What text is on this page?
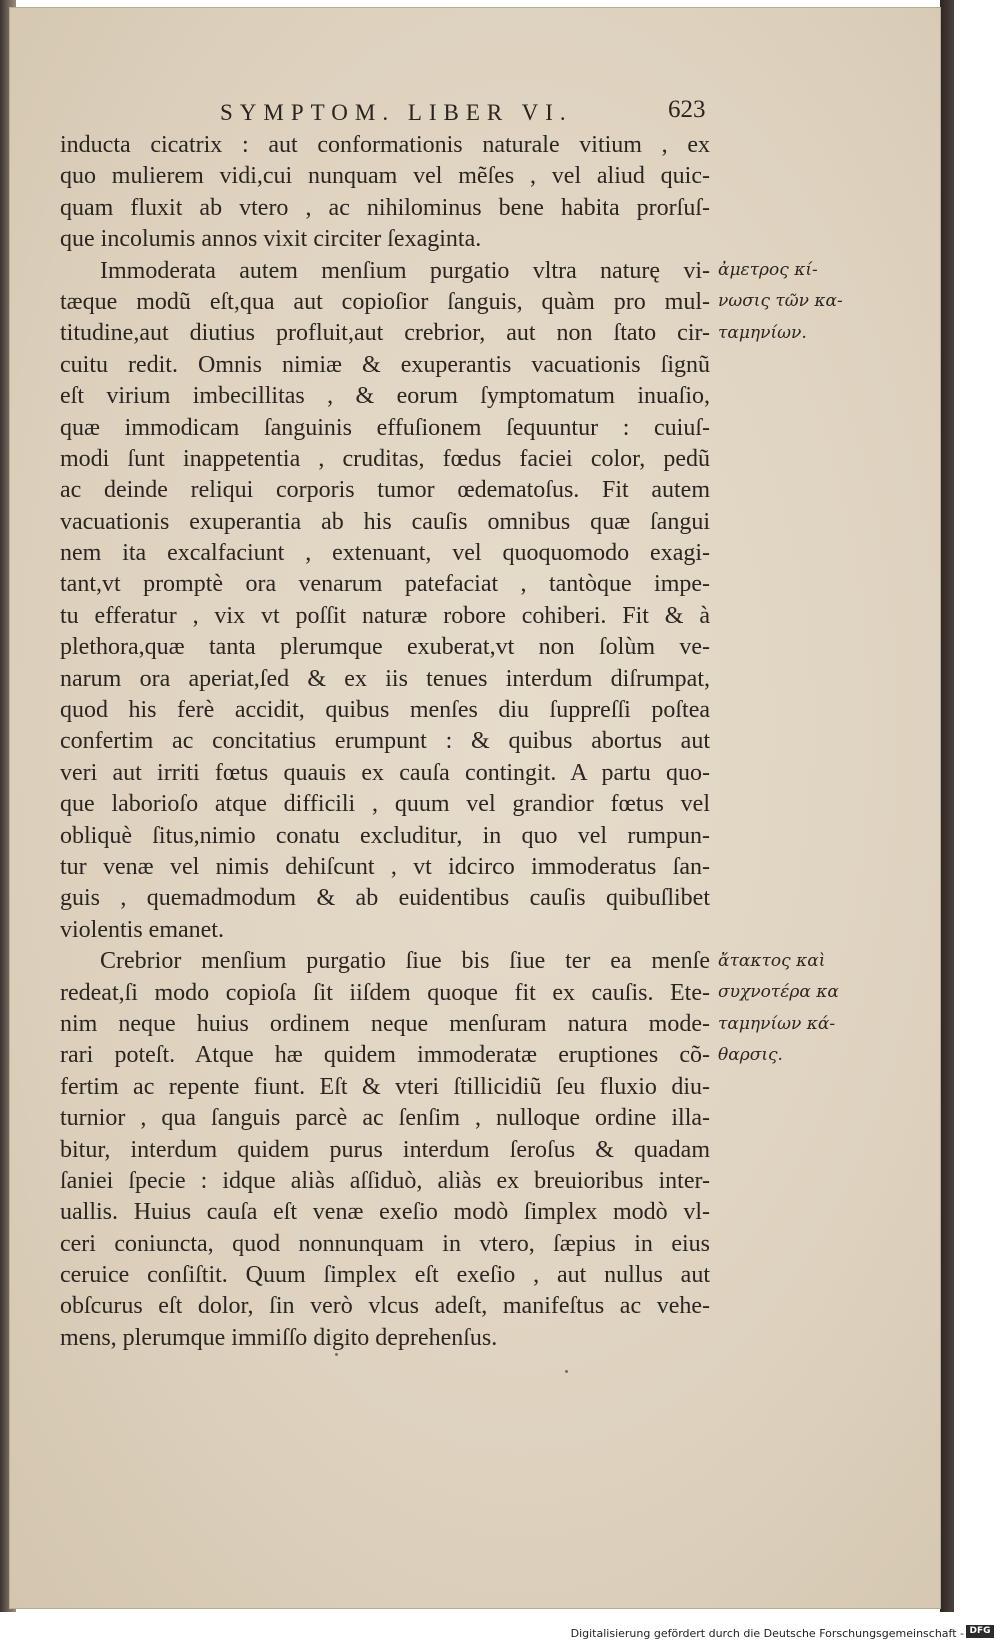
SYMPTOM. LIBER VI.	623
inducta cicatrix : aut conformationis naturale vitium , ex
quo mulierem vidi,cui nunquam vel mẽſes , vel aliud quic-
quam fluxit ab vtero , ac nihilominus bene habita prorſuſ-
que incolumis annos vixit circiter ſexaginta.
Immoderata autem menſium purgatio vltra naturę vi-
tæque modũ eſt,qua aut copioſior ſanguis, quàm pro mul-
titudine,aut diutius profluit,aut crebrior, aut non ſtato cir-
cuitu redit. Omnis nimiæ & exuperantis vacuationis ſignũ
eſt virium imbecillitas , & eorum ſymptomatum inuaſio,
quæ immodicam ſanguinis effuſionem ſequuntur : cuiuſ-
modi ſunt inappetentia , cruditas, fœdus faciei color, pedũ
ac deinde reliqui corporis tumor œdematoſus. Fit autem
vacuationis exuperantia ab his cauſis omnibus quæ ſangui
nem ita excalfaciunt , extenuant, vel quoquomodo exagi-
tant,vt promptè ora venarum patefaciat , tantòque impe-
tu efferatur , vix vt poſſit naturæ robore cohiberi. Fit & à
plethora,quæ tanta plerumque exuberat,vt non ſolùm ve-
narum ora aperiat,ſed & ex iis tenues interdum diſrumpat,
quod his ferè accidit, quibus menſes diu ſuppreſſi poſtea
confertim ac concitatius erumpunt : & quibus abortus aut
veri aut irriti fœtus quauis ex cauſa contingit. A partu quo-
que laborioſo atque difficili , quum vel grandior fœtus vel
obliquè ſitus,nimio conatu excluditur, in quo vel rumpun-
tur venæ vel nimis dehiſcunt , vt idcirco immoderatus ſan-
guis , quemadmodum & ab euidentibus cauſis quibuſlibet
violentis emanet.
Crebrior menſium purgatio ſiue bis ſiue ter ea menſe
redeat,ſi modo copioſa ſit iiſdem quoque fit ex cauſis. Ete-
nim neque huius ordinem neque menſuram natura mode-
rari poteſt. Atque hæ quidem immoderatæ eruptiones cõ-
fertim ac repente fiunt. Eſt & vteri ſtillicidiũ ſeu fluxio diu-
turnior , qua ſanguis parcè ac ſenſim , nulloque ordine illa-
bitur, interdum quidem purus interdum ſeroſus & quadam
ſaniei ſpecie : idque aliàs aſſiduò, aliàs ex breuioribus inter-
uallis. Huius cauſa eſt venæ exeſio modò ſimplex modò vl-
ceri coniuncta, quod nonnunquam in vtero, ſæpius in eius
ceruice conſiſtit. Quum ſimplex eſt exeſio , aut nullus aut
obſcurus eſt dolor, ſin verò vlcus adeſt, manifeſtus ac vehe-
mens, plerumque immiſſo digito deprehenſus.
ἀμετρος κί-
νωσις τῶν κα-
ταμηνίων.
ἄτακτος καὶ
συχνοτέρα κα
ταμηνίων κά-
θαρσις.
Digitalisierung gefördert durch die Deutsche Forschungsgemeinschaft - DFG
